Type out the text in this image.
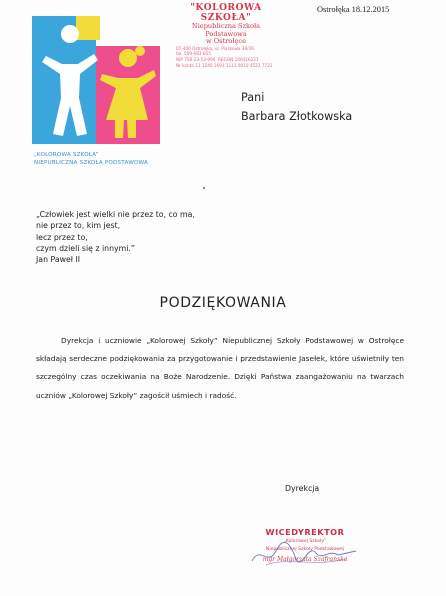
„KOLOROWA SZKOŁA”
NIEPUBLICZNA SZKOŁA PODSTAWOWA
"KOLOROWA SZKOŁA"
Niepubliczna Szkoła Podstawowa
w Ostrołęce
07-400 Ostrołęka, ul. Piaskowa 38/36
tel. 509-681-655
NIP 758-23-53-994, REGON 146416221
Nr konta 13 1240 1691 1111 0010 4522 7721
Ostrołęka 18.12.2015
Pani
Barbara Złotkowska
„Człowiek jest wielki nie przez to, co ma,
nie przez to, kim jest,
lecz przez to,
czym dzieli się z innymi.”
Jan Paweł II
PODZIĘKOWANIA

Dyrekcja i uczniowie „Kolorowej Szkoły” Niepublicznej Szkoły Podstawowej w Ostrołęce składają serdeczne podziękowania za przygotowanie i przedstawienie Jasełek, które uświetniły ten szczególny czas oczekiwania na Boże Narodzenie. Dzięki Państwa zaangażowaniu na twarzach uczniów „Kolorowej Szkoły” zagościł uśmiech i radość.

Dyrekcja
WICEDYREKTOR
„Kolorowej Szkoły”
Niepublicznej Szkoły Podstawowej
mgr Małgorzata Szafrańska
